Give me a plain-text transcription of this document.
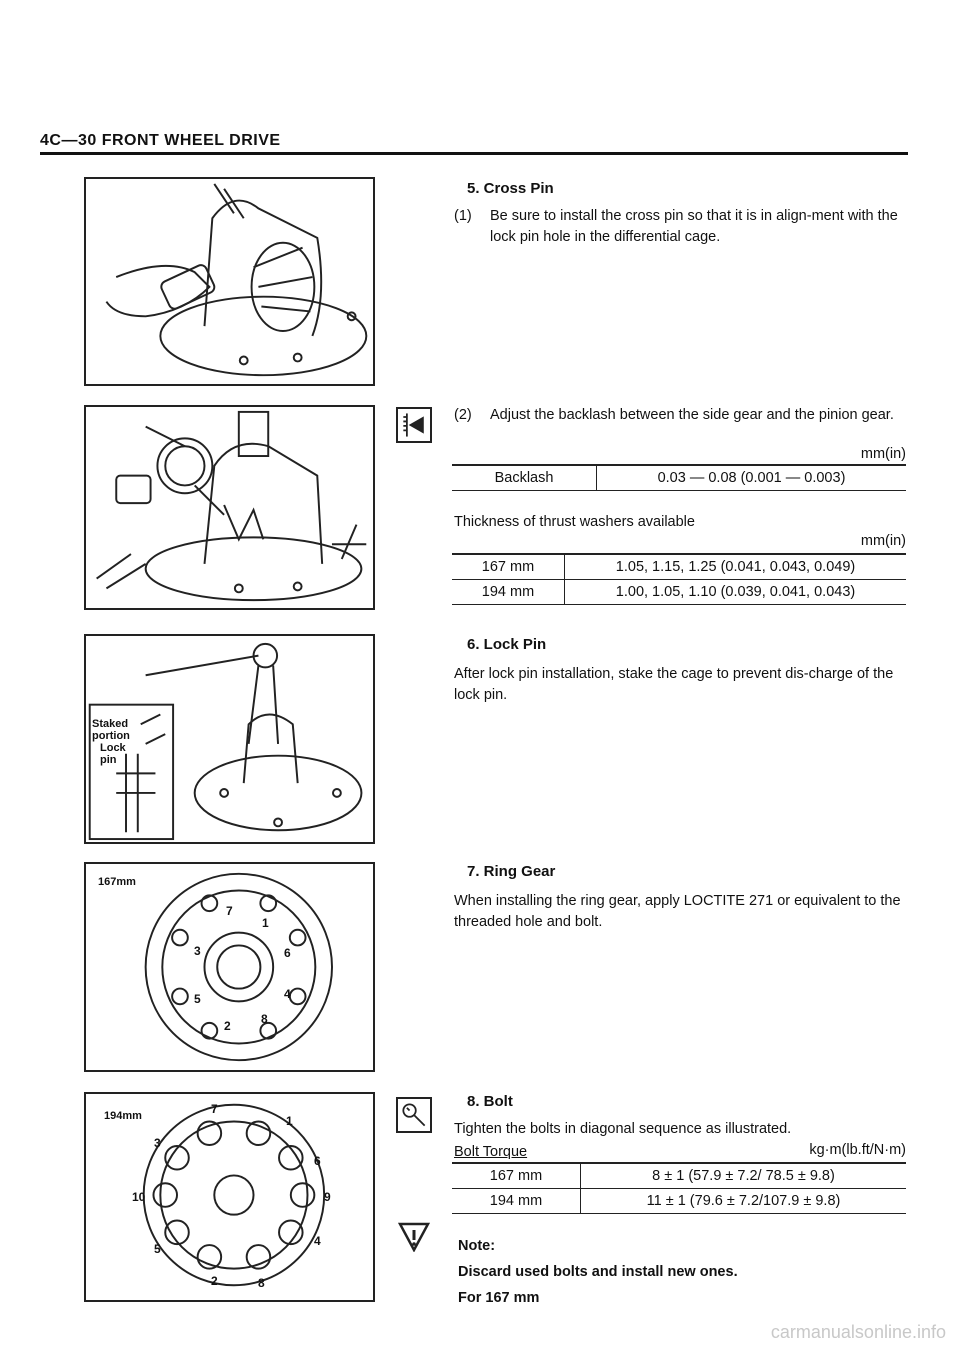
4C—30 FRONT WHEEL DRIVE
Staked
portion
Lock
pin
167mm
7
1
3	6
5	4
2	8
194mm	7
1
3
6
10	9
5
4
2	8
5. Cross Pin
(1)	Be sure to install the cross pin so that it is in align-ment with the lock pin hole in the differential cage.
(2)	Adjust the backlash between the side gear and the pinion gear.
mm(in)
Backlash	0.03 — 0.08 (0.001 — 0.003)
Thickness of thrust washers available
mm(in)
167 mm	1.05, 1.15, 1.25 (0.041, 0.043, 0.049)
194 mm	1.00, 1.05, 1.10 (0.039, 0.041, 0.043)
6. Lock Pin
After lock pin installation, stake the cage to prevent dis-charge of the lock pin.
7. Ring Gear
When installing the ring gear, apply LOCTITE 271 or equivalent to the threaded hole and bolt.
8. Bolt
Tighten the bolts in diagonal sequence as illustrated.
Bolt Torque	kg·m(lb.ft/N·m)
167 mm	8 ± 1 (57.9 ± 7.2/ 78.5 ± 9.8)
194 mm	11 ± 1 (79.6 ± 7.2/107.9 ± 9.8)
Note:
Discard used bolts and install new ones.
For 167 mm
carmanualsonline.info
